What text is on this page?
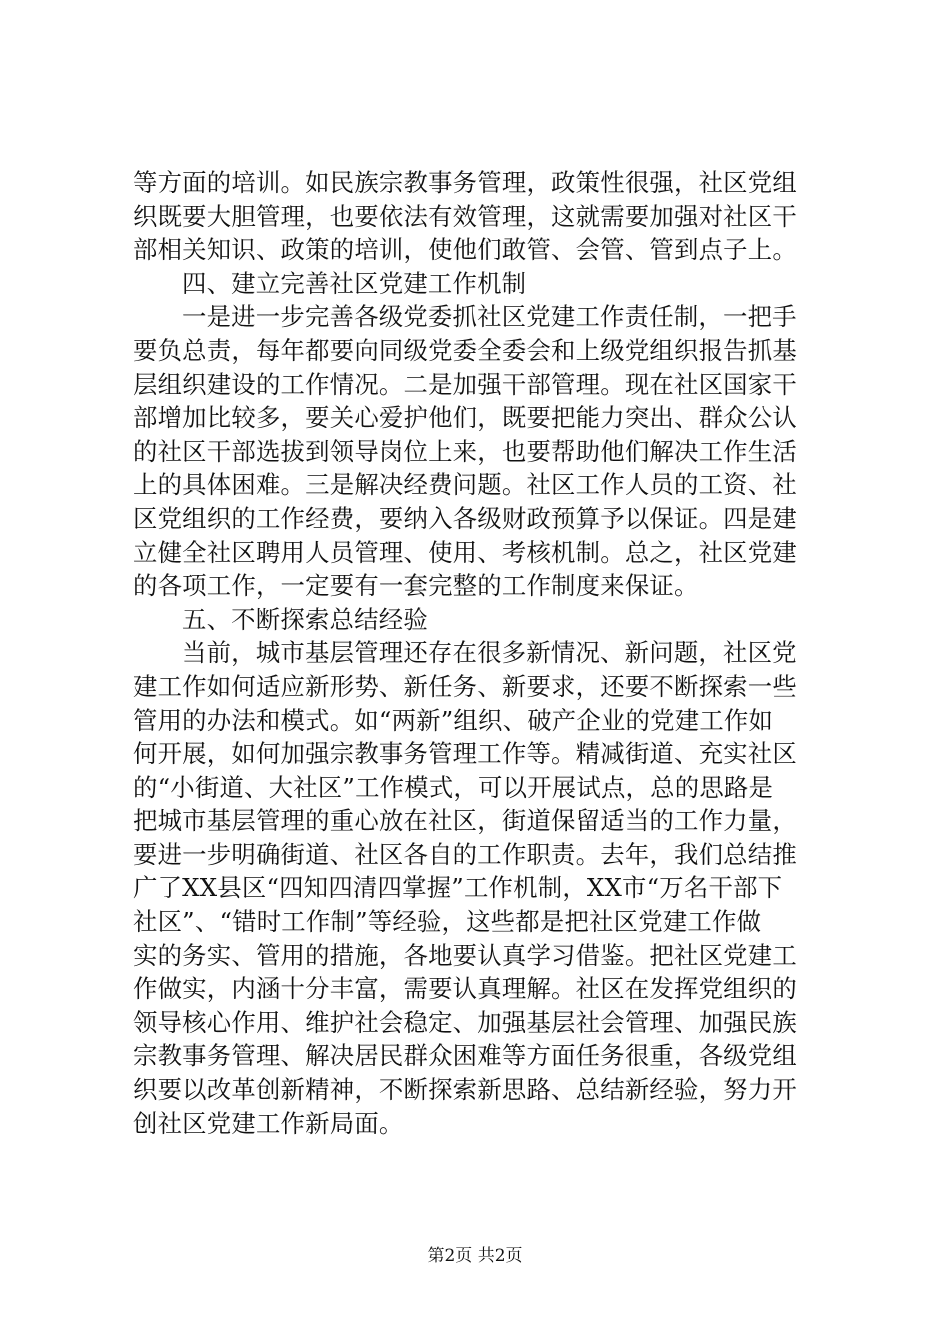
等方面的培训。如民族宗教事务管理，政策性很强，社区党组
织既要大胆管理，也要依法有效管理，这就需要加强对社区干
部相关知识、政策的培训，使他们敢管、会管、管到点子上。
四、建立完善社区党建工作机制
一是进一步完善各级党委抓社区党建工作责任制，一把手
要负总责，每年都要向同级党委全委会和上级党组织报告抓基
层组织建设的工作情况。二是加强干部管理。现在社区国家干
部增加比较多，要关心爱护他们，既要把能力突出、群众公认
的社区干部选拔到领导岗位上来，也要帮助他们解决工作生活
上的具体困难。三是解决经费问题。社区工作人员的工资、社
区党组织的工作经费，要纳入各级财政预算予以保证。四是建
立健全社区聘用人员管理、使用、考核机制。总之，社区党建
的各项工作，一定要有一套完整的工作制度来保证。
五、不断探索总结经验
当前，城市基层管理还存在很多新情况、新问题，社区党
建工作如何适应新形势、新任务、新要求，还要不断探索一些
管用的办法和模式。如“两新”组织、破产企业的党建工作如
何开展，如何加强宗教事务管理工作等。精减街道、充实社区
的“小街道、大社区”工作模式，可以开展试点，总的思路是
把城市基层管理的重心放在社区，街道保留适当的工作力量，
要进一步明确街道、社区各自的工作职责。去年，我们总结推
广了XX县区“四知四清四掌握”工作机制，XX市“万名干部下
社区”、“错时工作制”等经验，这些都是把社区党建工作做
实的务实、管用的措施，各地要认真学习借鉴。把社区党建工
作做实，内涵十分丰富，需要认真理解。社区在发挥党组织的
领导核心作用、维护社会稳定、加强基层社会管理、加强民族
宗教事务管理、解决居民群众困难等方面任务很重，各级党组
织要以改革创新精神，不断探索新思路、总结新经验，努力开
创社区党建工作新局面。
第2页 共2页
